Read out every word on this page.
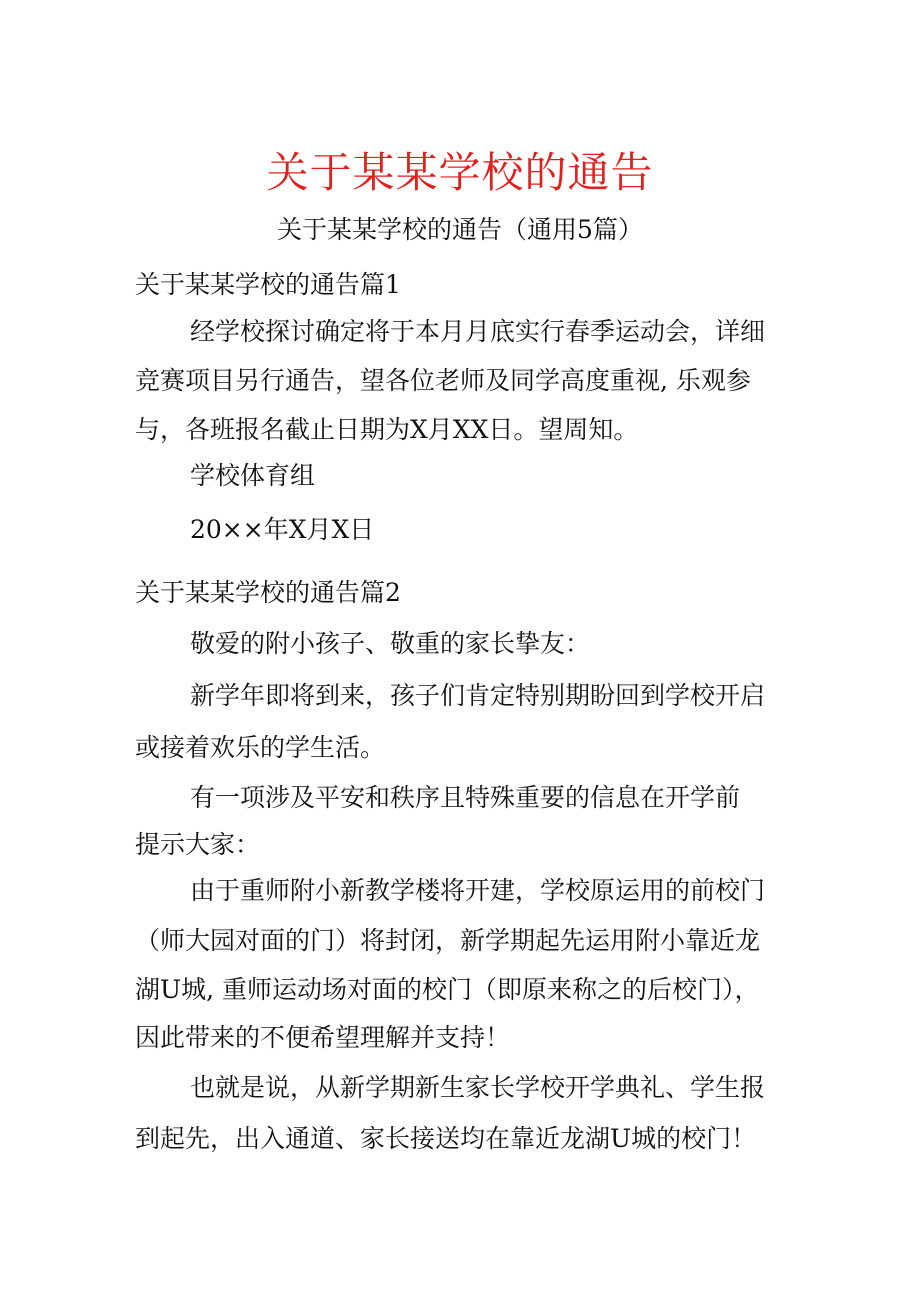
关于某某学校的通告
关于某某学校的通告（通用5篇）
关于某某学校的通告篇1
经学校探讨确定将于本月月底实行春季运动会，详细
竞赛项目另行通告，望各位老师及同学高度重视, 乐观参
与，各班报名截止日期为X月XX日。望周知。
学校体育组
20××年X月X日
关于某某学校的通告篇2
敬爱的附小孩子、敬重的家长挚友：
新学年即将到来，孩子们肯定特别期盼回到学校开启
或接着欢乐的学生活。
有一项涉及平安和秩序且特殊重要的信息在开学前
提示大家：
由于重师附小新教学楼将开建，学校原运用的前校门
（师大园对面的门）将封闭，新学期起先运用附小靠近龙
湖U城, 重师运动场对面的校门（即原来称之的后校门），
因此带来的不便希望理解并支持！
也就是说，从新学期新生家长学校开学典礼、学生报
到起先，出入通道、家长接送均在靠近龙湖U城的校门！
